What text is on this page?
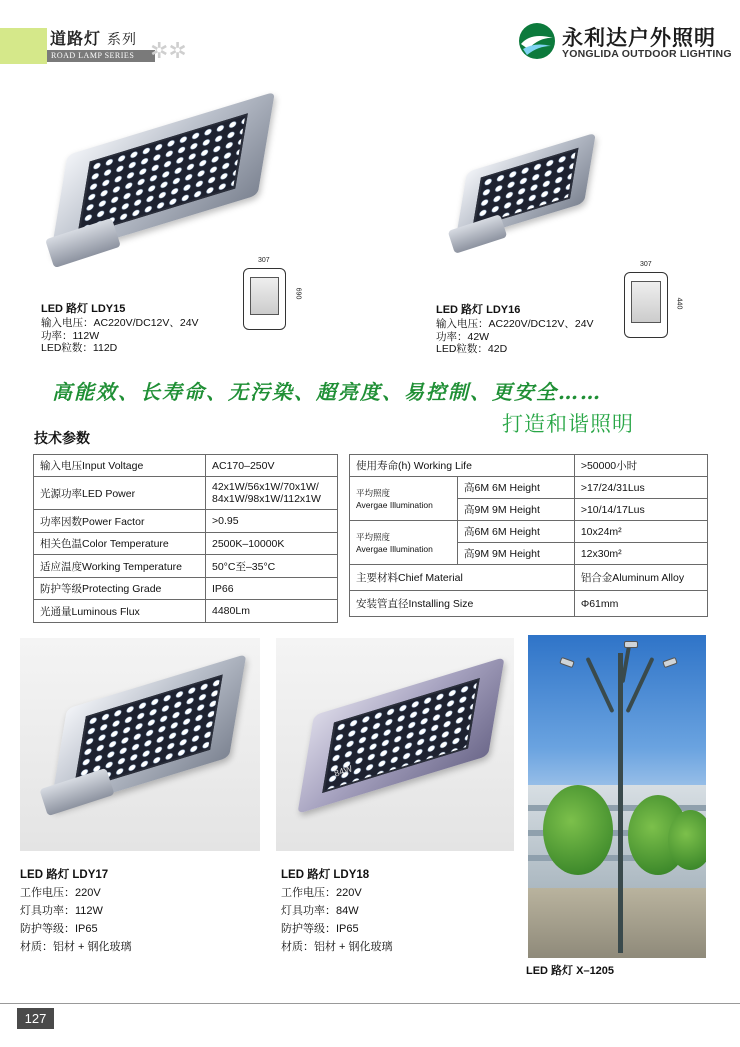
道路灯 系列
ROAD LAMP SERIES ✲✲	永利达户外照明
YONGLIDA OUTDOOR LIGHTING
307
690
LED 路灯 LDY15
输入电压：AC220V/DC12V、24V
功率：112W
LED粒数：112D
307
440
LED 路灯 LDY16
输入电压：AC220V/DC12V、24V
功率：42W
LED粒数：42D
高能效、长寿命、无污染、超亮度、易控制、更安全……
打造和谐照明
技术参数
输入电压Input Voltage	AC170–250V
光源功率LED Power	42x1W/56x1W/70x1W/
84x1W/98x1W/112x1W
功率因数Power Factor	>0.95
相关色温Color Temperature	2500K–10000K
适应温度Working Temperature	50°C至–35°C
防护等级Protecting Grade	IP66
光通量Luminous Flux	4480Lm
使用寿命(h) Working Life		>50000小时
平均照度
Avergae Illumination	高6M 6M Height	>17/24/31Lus
	高9M 9M Height	>10/14/17Lus
平均照度
Avergae Illumination	高6M 6M Height	10x24m²
	高9M 9M Height	12x30m²
主要材料Chief Material		铝合金Aluminum Alloy
安装管直径Installing Size		Φ61mm
84W
LED 路灯 LDY17
工作电压：220V
灯具功率：112W
防护等级：IP65
材质：铝材 + 钢化玻璃
LED 路灯 LDY18
工作电压：220V
灯具功率：84W
防护等级：IP65
材质：铝材 + 钢化玻璃
LED 路灯 X–1205
127
